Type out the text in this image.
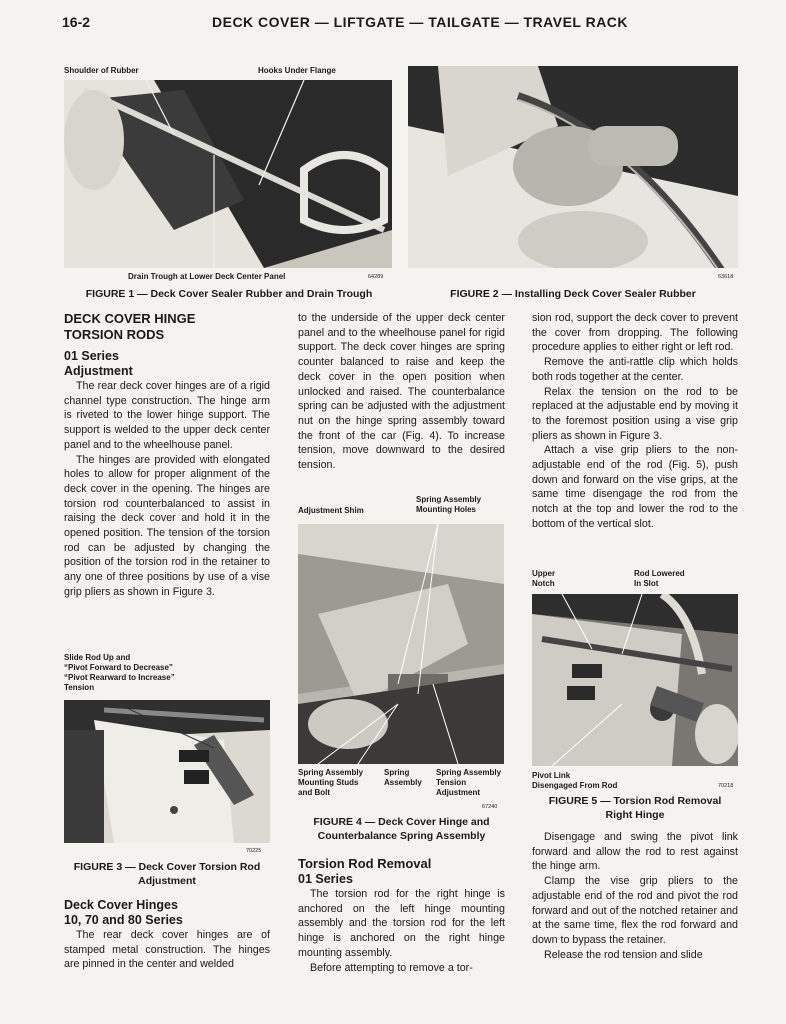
16-2	DECK COVER — LIFTGATE — TAILGATE — TRAVEL RACK
Shoulder of Rubber	Hooks Under Flange
Drain Trough at Lower Deck Center Panel	64289
FIGURE 1 — Deck Cover Sealer Rubber and Drain Trough
63618
FIGURE 2 — Installing Deck Cover Sealer Rubber
DECK COVER HINGE
TORSION RODS
01 Series
Adjustment

The rear deck cover hinges are of a rigid channel type construction. The hinge arm is riveted to the lower hinge support. The support is welded to the upper deck center panel and to the wheelhouse panel.

The hinges are provided with elongated holes to allow for proper alignment of the deck cover in the opening. The hinges are torsion rod counterbalanced to assist in raising the deck cover and hold it in the opened position. The tension of the torsion rod can be adjusted by changing the position of the torsion rod in the retainer to any one of three positions by use of a vise grip pliers as shown in Figure 3.

Slide Rod Up and
“Pivot Forward to Decrease”
“Pivot Rearward to Increase”
Tension
70225
FIGURE 3 — Deck Cover Torsion Rod
Adjustment
Deck Cover Hinges
10, 70 and 80 Series

The rear deck cover hinges are of stamped metal construction. The hinges are pinned in the center and welded

to the underside of the upper deck center panel and to the wheelhouse panel for rigid support. The deck cover hinges are spring counter balanced to raise and keep the deck cover in the open position when unlocked and raised. The counterbalance spring can be adjusted with the adjustment nut on the hinge spring assembly toward the front of the car (Fig. 4). To increase tension, move downward to the desired tension.

Adjustment Shim
Spring Assembly
Mounting Holes
Spring Assembly
Mounting Studs
and Bolt
Spring
Assembly
Spring Assembly
Tension
Adjustment
67240
FIGURE 4 — Deck Cover Hinge and
Counterbalance Spring Assembly
Torsion Rod Removal
01 Series

The torsion rod for the right hinge is anchored on the left hinge mounting assembly and the torsion rod for the left hinge is anchored on the right hinge mounting assembly.

Before attempting to remove a tor-

sion rod, support the deck cover to prevent the cover from dropping. The following procedure applies to either right or left rod.

Remove the anti-rattle clip which holds both rods together at the center.

Relax the tension on the rod to be replaced at the adjustable end by moving it to the foremost position using a vise grip pliers as shown in Figure 3.

Attach a vise grip pliers to the non-adjustable end of the rod (Fig. 5), push down and forward on the vise grips, at the same time disengage the rod from the notch at the top and lower the rod to the bottom of the vertical slot.

Upper
Notch
Rod Lowered
In Slot
Pivot Link
Disengaged From Rod	70218
FIGURE 5 — Torsion Rod Removal
Right Hinge

Disengage and swing the pivot link forward and allow the rod to rest against the hinge arm.

Clamp the vise grip pliers to the adjustable end of the rod and pivot the rod forward and out of the notched retainer and at the same time, flex the rod forward and down to bypass the retainer.

Release the rod tension and slide
